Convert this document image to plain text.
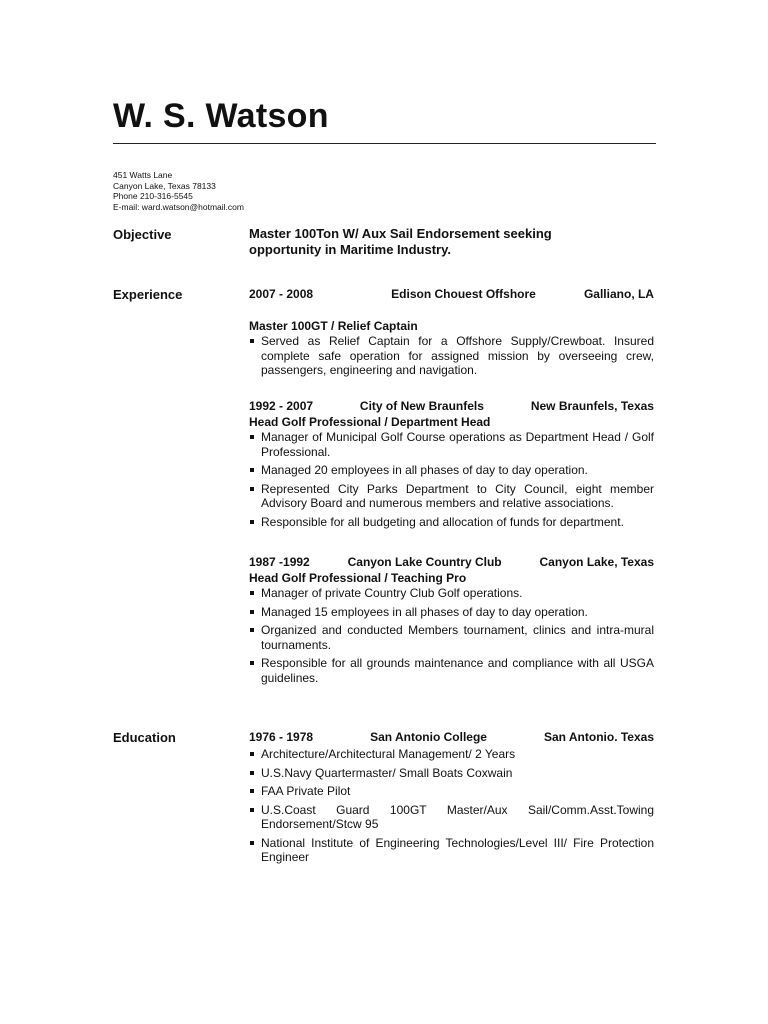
W. S. Watson
451 Watts Lane
Canyon Lake, Texas 78133
Phone 210-316-5545
E-mail: ward.watson@hotmail.com
Objective	Master 100Ton W/ Aux Sail Endorsement seeking
opportunity in Maritime Industry.
Experience	2007 - 2008	Edison Chouest Offshore	Galliano, LA
Master 100GT / Relief Captain
Served as Relief Captain for a Offshore Supply/Crewboat. Insured complete safe operation for assigned mission by overseeing crew, passengers, engineering and navigation.
1992 - 2007	City of New Braunfels	New Braunfels, Texas
Head Golf Professional / Department Head
Manager of Municipal Golf Course operations as Department Head / Golf Professional.
Managed 20 employees in all phases of day to day operation.
Represented City Parks Department to City Council, eight member Advisory Board and numerous members and relative associations.
Responsible for all budgeting and allocation of funds for department.
1987 -1992	Canyon Lake Country Club	Canyon Lake, Texas
Head Golf Professional / Teaching Pro
Manager of private Country Club Golf operations.
Managed 15 employees in all phases of day to day operation.
Organized and conducted Members tournament, clinics and intra-mural tournaments.
Responsible for all grounds maintenance and compliance with all USGA guidelines.
Education	1976 - 1978	San Antonio College	San Antonio. Texas
Architecture/Architectural Management/ 2 Years
U.S.Navy Quartermaster/ Small Boats Coxwain
FAA Private Pilot
U.S.Coast Guard 100GT Master/Aux Sail/Comm.Asst.Towing Endorsement/Stcw 95
National Institute of Engineering Technologies/Level III/ Fire Protection Engineer
